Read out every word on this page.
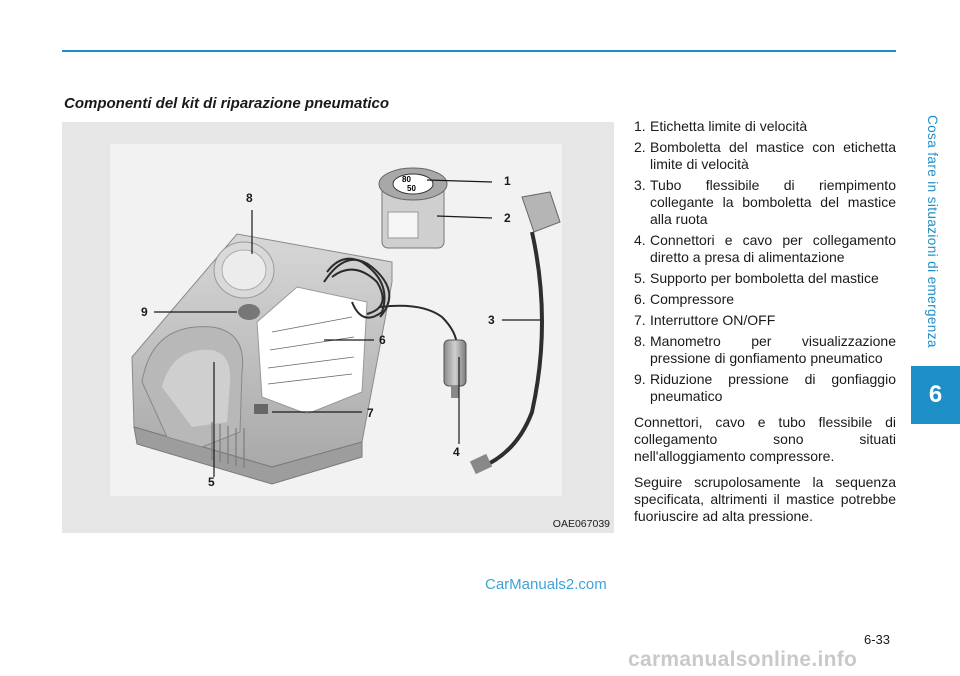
Cosa fare in situazioni di emergenza
6
Componenti del kit di riparazione pneumatico
80
50
1
2
3
4
5
6
7
8
9
OAE067039
1. Etichetta limite di velocità
2. Bomboletta del mastice con etichetta limite di velocità
3. Tubo flessibile di riempimento collegante la bomboletta del mastice alla ruota
4. Connettori e cavo per collegamento diretto a presa di alimentazione
5. Supporto per bomboletta del mastice
6. Compressore
7. Interruttore ON/OFF
8. Manometro per visualizzazione pressione di gonfiamento pneumatico
9. Riduzione pressione di gonfiaggio pneumatico

Connettori, cavo e tubo flessibile di collegamento sono situati nell'alloggiamento compressore.

Seguire scrupolosamente la sequenza specificata, altrimenti il mastice potrebbe fuoriuscire ad alta pressione.

CarManuals2.com
6-33
carmanualsonline.info
